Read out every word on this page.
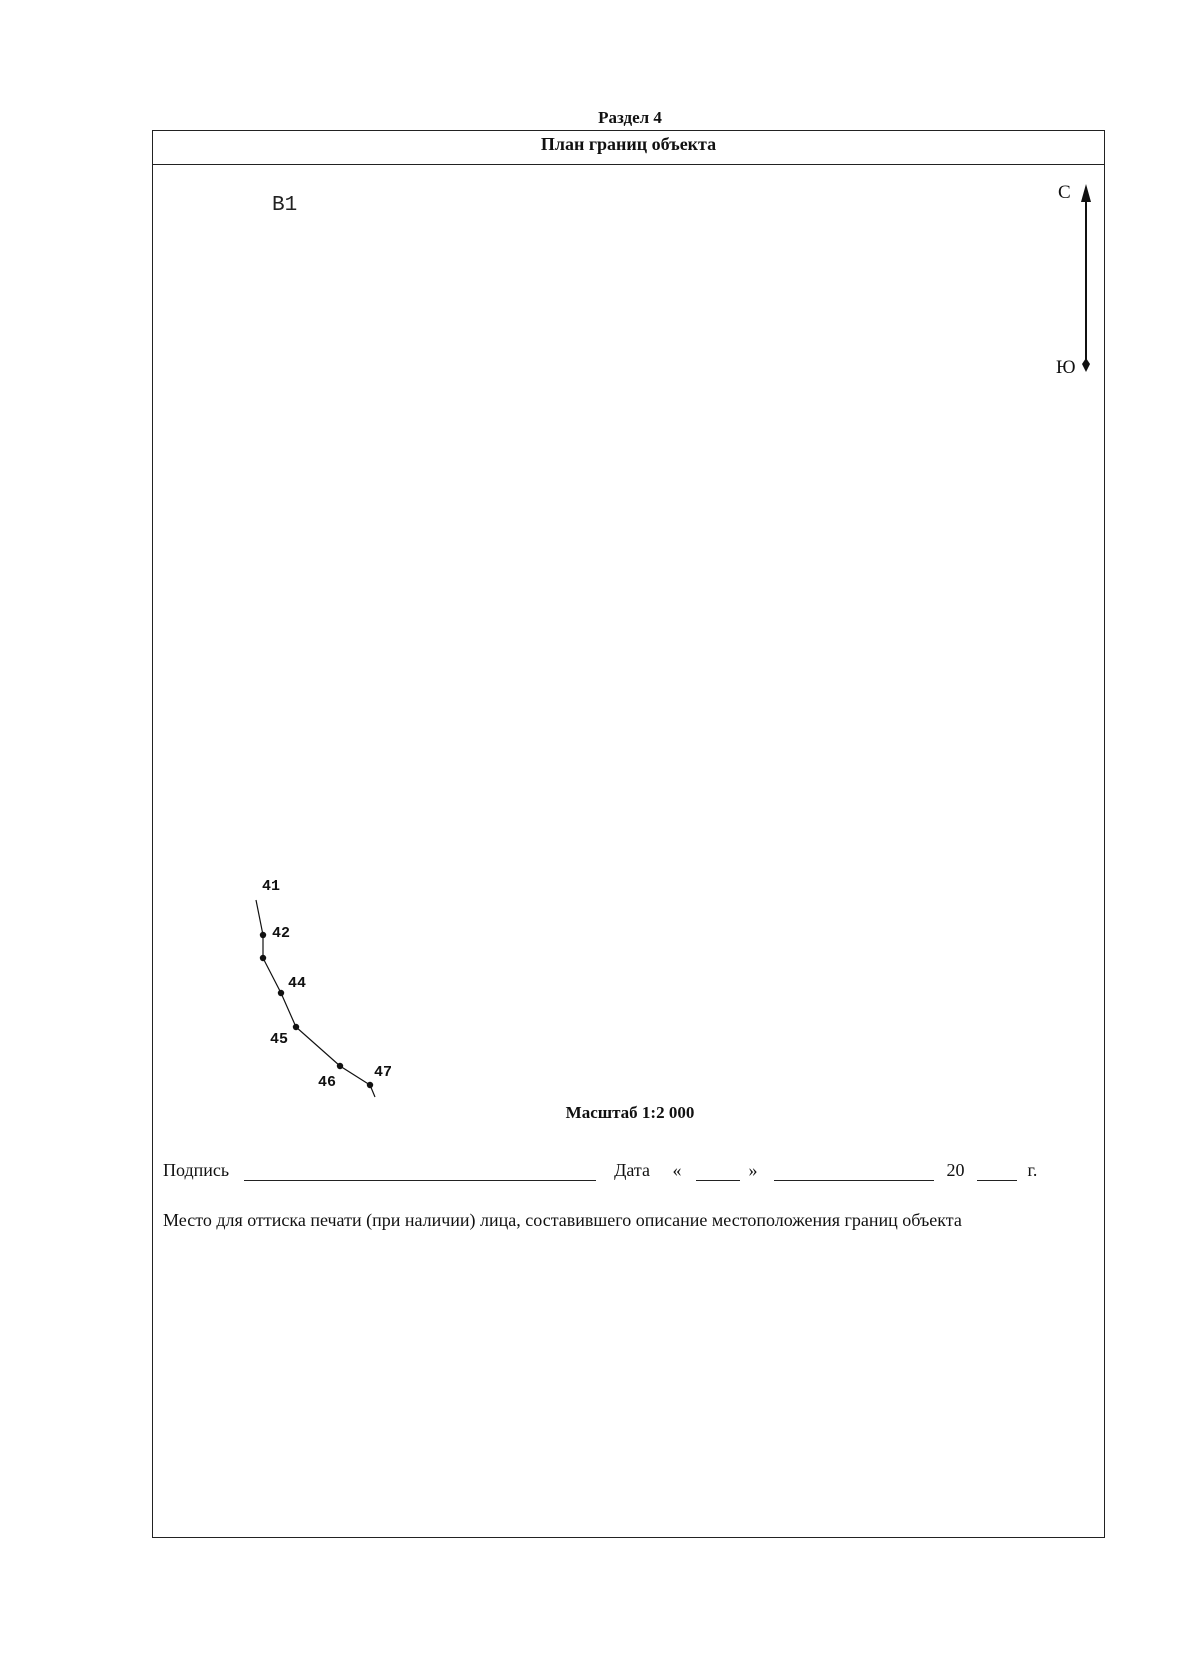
Раздел 4
План границ объекта
В1
С
Ю
41
42
44
45
46
47
Масштаб 1:2 000
Подпись	Дата «	»	20	г.
Место для оттиска печати (при наличии) лица, составившего описание местоположения границ объекта
